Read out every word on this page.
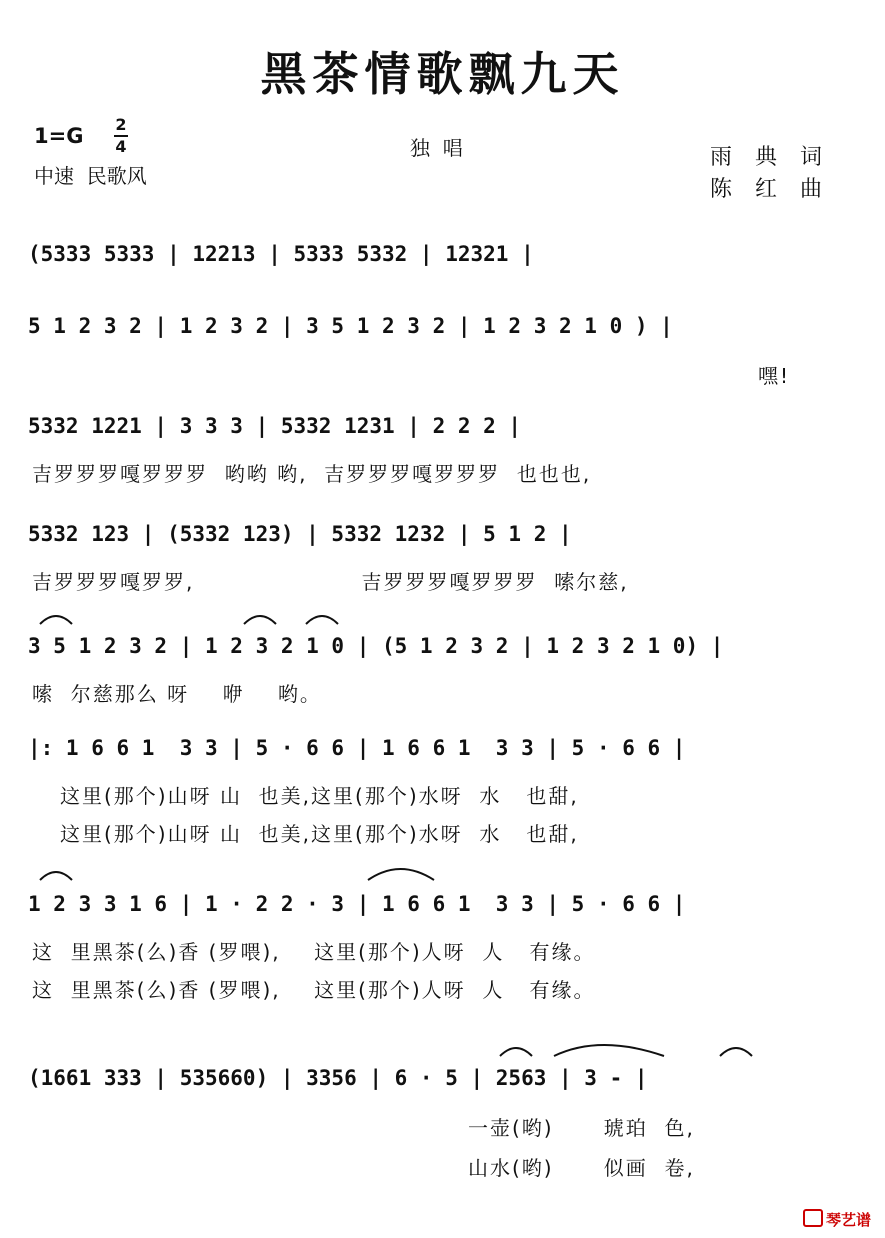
黑茶情歌飘九天
1=G 2
4
中速  民歌风
独  唱	雨 典 词
陈 红 曲
(5333 5333 | 12213 | 5333 5332 | 12321 |
5 1 2 3 2 | 1 2 3 2 | 3 5 1 2 3 2 | 1 2 3 2 1 0 ) |
嘿!
5332 1221 | 3 3 3 | 5332 1231 | 2 2 2 |
吉罗罗罗嘎罗罗罗  哟哟 哟,  吉罗罗罗嘎罗罗罗  也也也,
5332 123 | (5332 123) | 5332 1232 | 5 1 2 |
吉罗罗罗嘎罗罗,                    吉罗罗罗嘎罗罗罗  嗦尔慈,
3 5 1 2 3 2 | 1 2 3 2 1 0 | (5 1 2 3 2 | 1 2 3 2 1 0) |
嗦  尔慈那么 呀    咿    哟。
|: 1 6 6 1  3 3 | 5 · 6 6 | 1 6 6 1  3 3 | 5 · 6 6 |
这里(那个)山呀 山  也美,这里(那个)水呀  水   也甜,
这里(那个)山呀 山  也美,这里(那个)水呀  水   也甜,
1 2 3 3 1 6 | 1 · 2 2 · 3 | 1 6 6 1  3 3 | 5 · 6 6 |
这  里黑茶(么)香 (罗喂),    这里(那个)人呀  人   有缘。
这  里黑茶(么)香 (罗喂),    这里(那个)人呀  人   有缘。
(1661 333 | 535660) | 3356 | 6 · 5 | 2563 | 3 - |
一壶(哟)      琥珀  色,
山水(哟)      似画  卷,
琴艺谱
